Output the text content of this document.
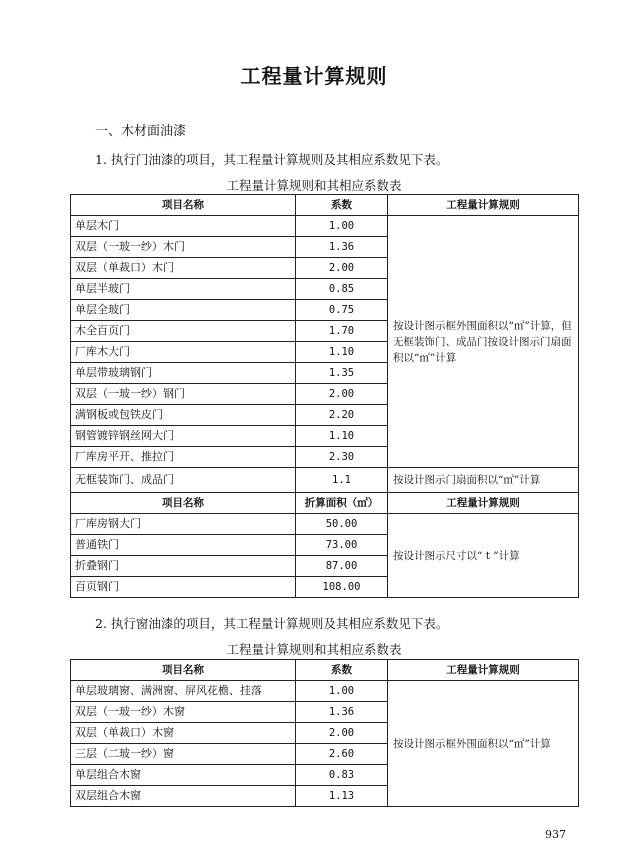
工程量计算规则
一、木材面油漆
1. 执行门油漆的项目，其工程量计算规则及其相应系数见下表。
工程量计算规则和其相应系数表
项目名称	系数	工程量计算规则
单层木门	1.00	按设计图示框外围面积以“㎡”计算，但无框装饰门、成品门按设计图示门扇面积以“㎡”计算
双层（一玻一纱）木门	1.36	
双层（单裁口）木门	2.00	
单层半玻门	0.85	
单层全玻门	0.75	
木全百页门	1.70	
厂库木大门	1.10	
单层带玻璃钢门	1.35	
双层（一玻一纱）钢门	2.00	
满钢板或包铁皮门	2.20	
钢管镀锌钢丝网大门	1.10	
厂库房平开、推拉门	2.30	
无框装饰门、成品门	1.1	按设计图示门扇面积以“㎡”计算
项目名称	折算面积（㎡）	工程量计算规则
厂库房钢大门	50.00	按设计图示尺寸以“ t ”计算
普通铁门	73.00	
折叠钢门	87.00	
百页钢门	108.00	
2. 执行窗油漆的项目，其工程量计算规则及其相应系数见下表。
工程量计算规则和其相应系数表
项目名称	系数	工程量计算规则
单层玻璃窗、满洲窗、屏风花檐、挂落	1.00	按设计图示框外围面积以“㎡”计算
双层（一玻一纱）木窗	1.36	
双层（单裁口）木窗	2.00	
三层（二玻一纱）窗	2.60	
单层组合木窗	0.83	
双层组合木窗	1.13	
937
